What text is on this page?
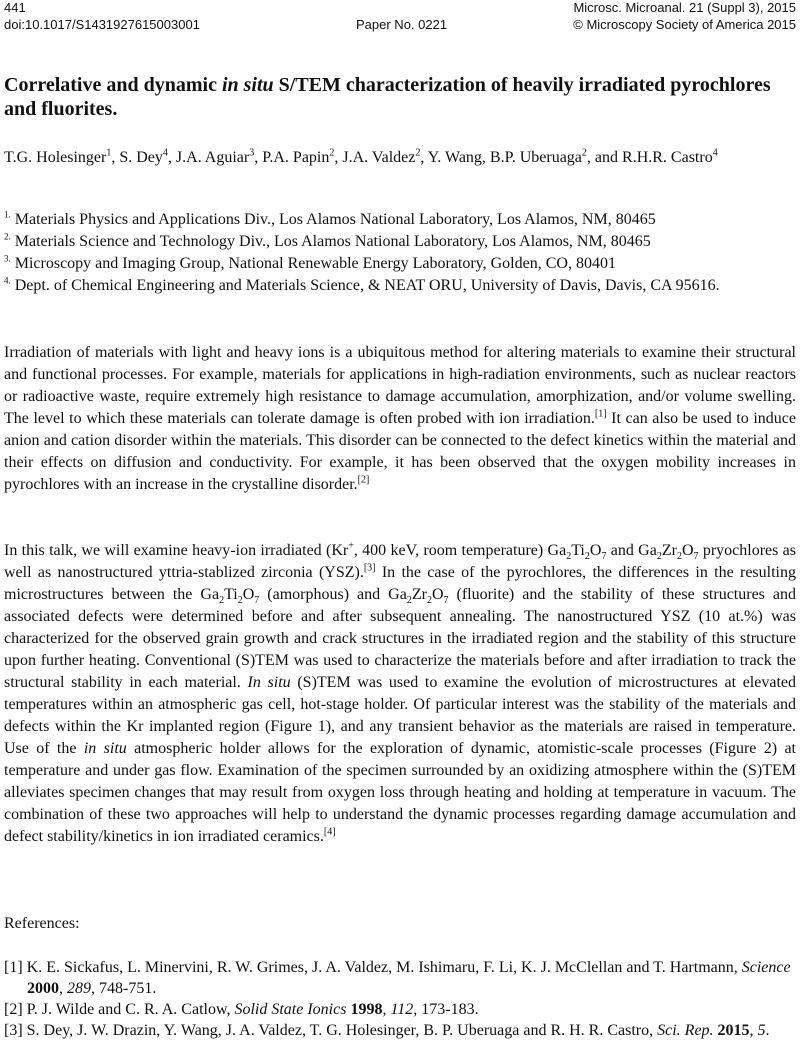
441	Microsc. Microanal. 21 (Suppl 3), 2015
doi:10.1017/S1431927615003001	Paper No. 0221	© Microscopy Society of America 2015
Correlative and dynamic in situ S/TEM characterization of heavily irradiated pyrochlores and fluorites.
T.G. Holesinger$^1$, S. Dey$^4$, J.A. Aguiar$^3$, P.A. Papin$^2$, J.A. Valdez$^2$, Y. Wang, B.P. Uberuaga$^2$, and R.H.R. Castro$^4$
$^{1.}$ Materials Physics and Applications Div., Los Alamos National Laboratory, Los Alamos, NM, 80465
$^{2.}$ Materials Science and Technology Div., Los Alamos National Laboratory, Los Alamos, NM, 80465
$^{3.}$ Microscopy and Imaging Group, National Renewable Energy Laboratory, Golden, CO, 80401
$^{4.}$ Dept. of Chemical Engineering and Materials Science, & NEAT ORU, University of Davis, Davis, CA 95616.
Irradiation of materials with light and heavy ions is a ubiquitous method for altering materials to examine their structural and functional processes. For example, materials for applications in high-radiation environments, such as nuclear reactors or radioactive waste, require extremely high resistance to damage accumulation, amorphization, and/or volume swelling. The level to which these materials can tolerate damage is often probed with ion irradiation.[1] It can also be used to induce anion and cation disorder within the materials. This disorder can be connected to the defect kinetics within the material and their effects on diffusion and conductivity. For example, it has been observed that the oxygen mobility increases in pyrochlores with an increase in the crystalline disorder.[2]
In this talk, we will examine heavy-ion irradiated (Kr+, 400 keV, room temperature) $Ga_2Ti_2O_7$ and $Ga_2Zr_2O_7$ pryochlores as well as nanostructured yttria-stablized zirconia (YSZ).[3] In the case of the pyrochlores, the differences in the resulting microstructures between the $Ga_2Ti_2O_7$ (amorphous) and $Ga_2Zr_2O_7$ (fluorite) and the stability of these structures and associated defects were determined before and after subsequent annealing. The nanostructured YSZ (10 at.%) was characterized for the observed grain growth and crack structures in the irradiated region and the stability of this structure upon further heating. Conventional (S)TEM was used to characterize the materials before and after irradiation to track the structural stability in each material. In situ (S)TEM was used to examine the evolution of microstructures at elevated temperatures within an atmospheric gas cell, hot-stage holder. Of particular interest was the stability of the materials and defects within the Kr implanted region (Figure 1), and any transient behavior as the materials are raised in temperature. Use of the in situ atmospheric holder allows for the exploration of dynamic, atomistic-scale processes (Figure 2) at temperature and under gas flow. Examination of the specimen surrounded by an oxidizing atmosphere within the (S)TEM alleviates specimen changes that may result from oxygen loss through heating and holding at temperature in vacuum. The combination of these two approaches will help to understand the dynamic processes regarding damage accumulation and defect stability/kinetics in ion irradiated ceramics.[4]
References:
[1] K. E. Sickafus, L. Minervini, R. W. Grimes, J. A. Valdez, M. Ishimaru, F. Li, K. J. McClellan and T. Hartmann, Science 2000, 289, 748-751.
[2] P. J. Wilde and C. R. A. Catlow, Solid State Ionics 1998, 112, 173-183.
[3] S. Dey, J. W. Drazin, Y. Wang, J. A. Valdez, T. G. Holesinger, B. P. Uberuaga and R. H. R. Castro, Sci. Rep. 2015, 5.
